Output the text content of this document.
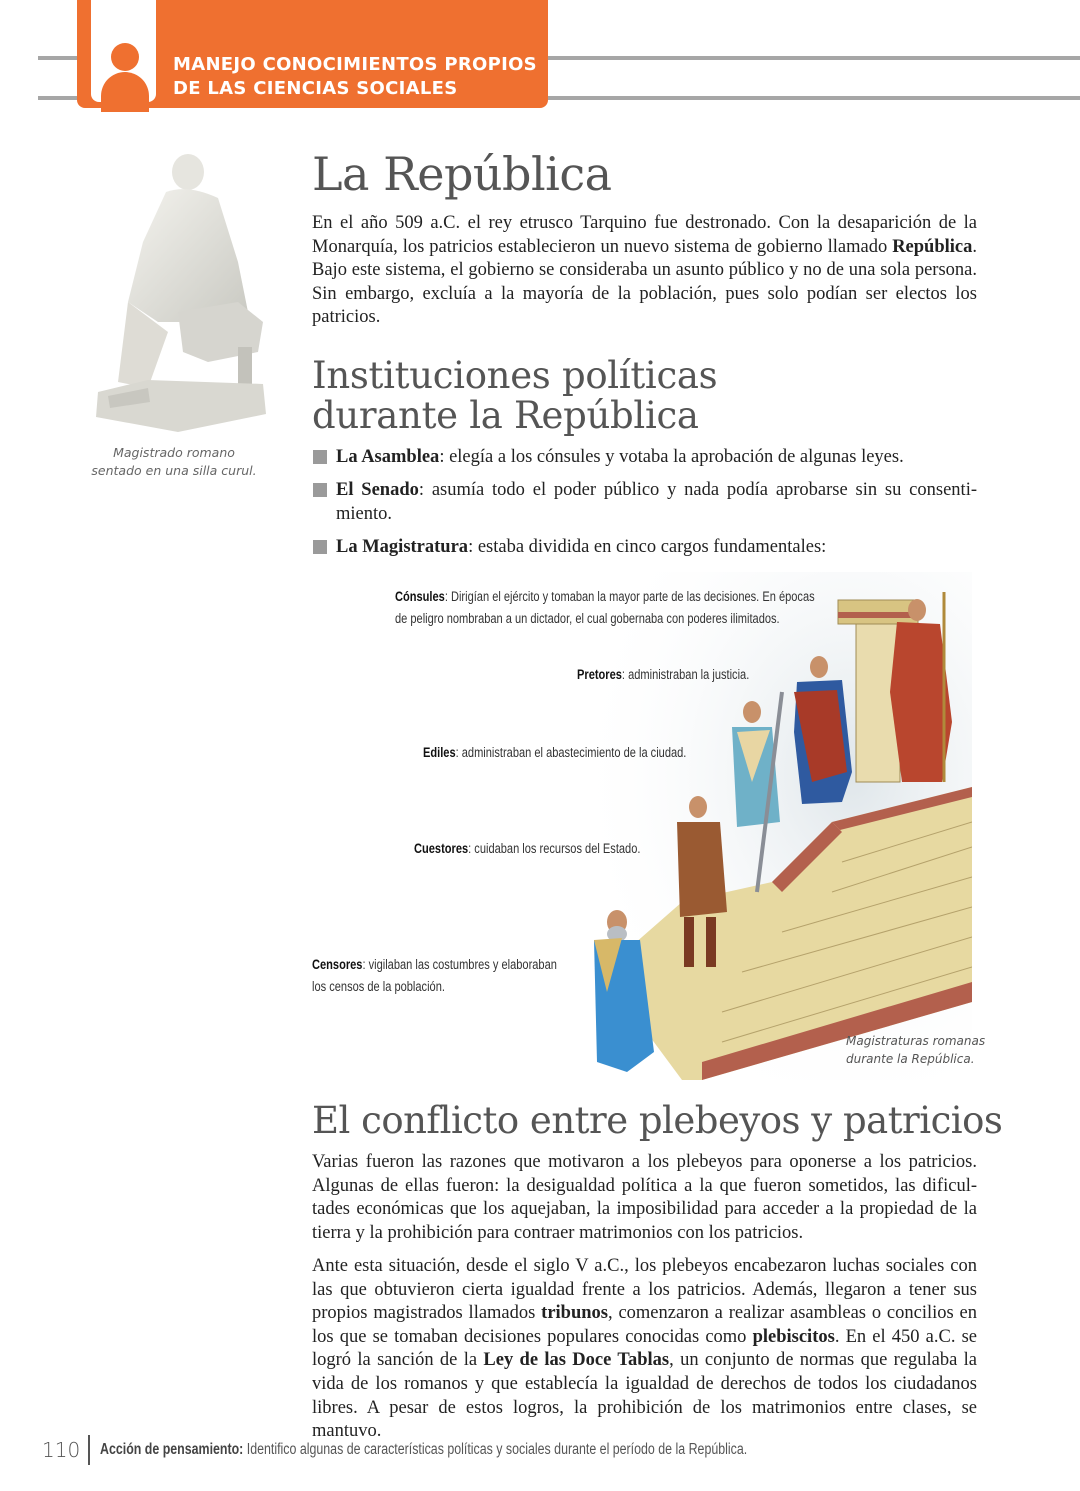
MANEJO CONOCIMIENTOS PROPIOS
DE LAS CIENCIAS SOCIALES
Magistrado romano
sentado en una silla curul.
La República

En el año 509 a.C. el rey etrusco Tarquino fue destronado. Con la desaparición de la Monarquía, los patricios establecieron un nuevo sistema de gobierno llamado República. Bajo este sistema, el gobierno se consideraba un asunto público y no de una sola persona. Sin embargo, excluía a la mayoría de la población, pues solo podían ser electos los patricios.

Instituciones políticas
durante la República
La Asamblea: elegía a los cónsules y votaba la aprobación de algunas leyes.
El Senado: asumía todo el poder público y nada podía aprobarse sin su consenti-miento.
La Magistratura: estaba dividida en cinco cargos fundamentales:
Cónsules: Dirigían el ejército y tomaban la mayor parte de las decisiones. En épocas
de peligro nombraban a un dictador, el cual gobernaba con poderes ilimitados.
Pretores: administraban la justicia.
Ediles: administraban el abastecimiento de la ciudad.
Cuestores: cuidaban los recursos del Estado.
Censores: vigilaban las costumbres y elaboraban
los censos de la población.
Magistraturas romanas
durante la República.
El conflicto entre plebeyos y patricios

Varias fueron las razones que motivaron a los plebeyos para oponerse a los patricios. Algunas de ellas fueron: la desigualdad política a la que fueron sometidos, las dificul-tades económicas que los aquejaban, la imposibilidad para acceder a la propiedad de la tierra y la prohibición para contraer matrimonios con los patricios.

Ante esta situación, desde el siglo V a.C., los plebeyos encabezaron luchas sociales con las que obtuvieron cierta igualdad frente a los patricios. Además, llegaron a tener sus propios magistrados llamados tribunos, comenzaron a realizar asambleas o concilios en los que se tomaban decisiones populares conocidas como plebiscitos. En el 450 a.C. se logró la sanción de la Ley de las Doce Tablas, un conjunto de normas que regulaba la vida de los romanos y que establecía la igualdad de derechos de todos los ciudadanos libres. A pesar de estos logros, la prohibición de los matrimonios entre clases, se mantuvo.

110 Acción de pensamiento: Identifico algunas de características políticas y sociales durante el período de la República.
